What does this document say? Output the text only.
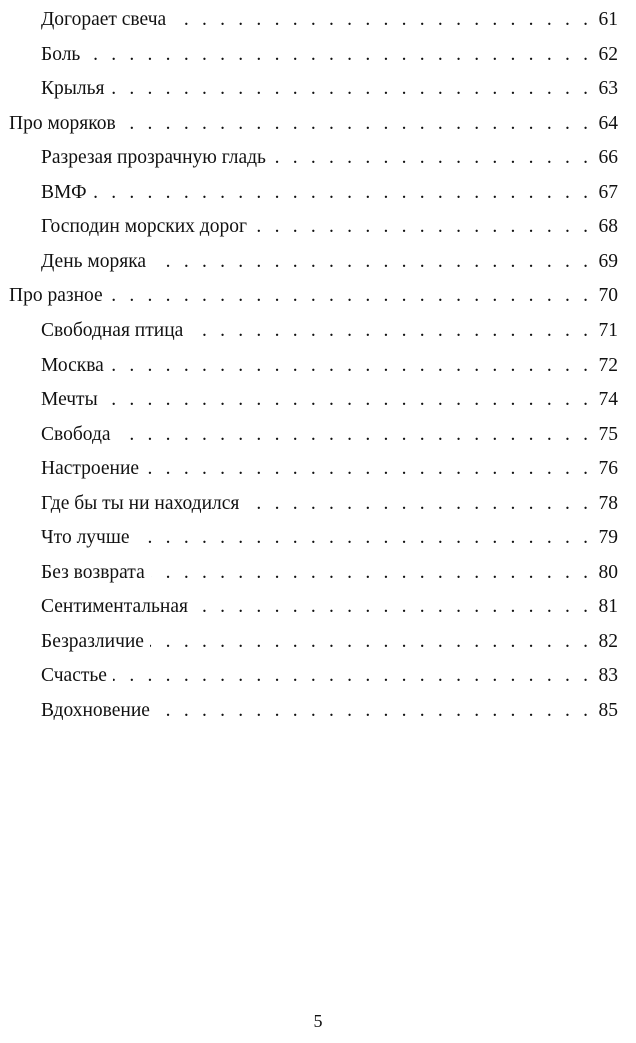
Догорает свеча . . .	61
Боль . . .	62
Крылья . . .	63
Про моряков . . .	64
Разрезая прозрачную гладь . . .	66
ВМФ . . .	67
Господин морских дорог . . .	68
День моряка . . .	69
Про разное . . .	70
Свободная птица . . .	71
Москва . . .	72
Мечты . . .	74
Свобода . . .	75
Настроение . . .	76
Где бы ты ни находился . . .	78
Что лучше . . .	79
Без возврата . . .	80
Сентиментальная . . .	81
Безразличие . . .	82
Счастье . . .	83
Вдохновение . . .	85
5
